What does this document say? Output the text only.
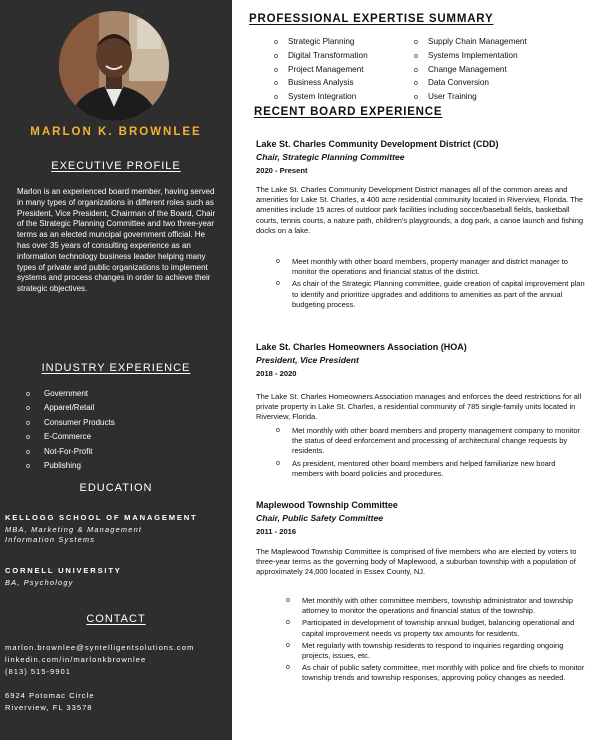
MARLON K. BROWNLEE
EXECUTIVE PROFILE
Marlon is an experienced board member, having served in many types of organizations in different roles such as President, Vice President, Chairman of the Board, Chair of the Strategic Planning Committee and two three-year terms as an elected muncipal government official. He has over 35 years of consulting experience as an information technology business leader helping many types of private and public organizations to implement systems and process changes in order to achieve their strategic objectives.
INDUSTRY EXPERIENCE
o Government
o Apparel/Retail
o Consumer Products
o E-Commerce
o Not-For-Profit
o Publishing
EDUCATION
KELLOGG SCHOOL OF MANAGEMENT
MBA, Marketing & Management
Information Systems
CORNELL UNIVERSITY
BA, Psychology
CONTACT
marlon.brownlee@syntelligentsolutions.com
linkedin.com/in/marlonkbrownlee
(813) 515-9901
6924 Potomac Circle
Riverview, FL 33578
PROFESSIONAL EXPERTISE SUMMARY
o Strategic Planning
o Digital Transformation
o Project Management
o Business Analysis
o System Integration
o Supply Chain Management
o Systems Implementation
o Change Management
o Data Conversion
o User Training
RECENT BOARD EXPERIENCE
Lake St. Charles Community Development District (CDD)
Chair, Strategic Planning Committee
2020 - Present
The Lake St. Charles Community Development District manages all of the common areas and amenities for Lake St. Charles, a 400 acre residential community located in Riverview, Florida. The amenities include 15 acres of outdoor park facilities including soccer/baseball fields, basketball courts, tennis courts, a nature path, children's playgrounds, a dog park, a canoe launch and fishing docks on a lake.
o Meet monthly with other board members, property manager and district manager to monitor the operations and financial status of the district.
o As chair of the Strategic Planning committee, guide creation of capital improvement plan to identify and prioritize upgrades and additions to amenities as part of the annual budgeting process.
Lake St. Charles Homeowners Association (HOA)
President, Vice President
2018 - 2020
The Lake St. Charles Homeowners Association manages and enforces the deed restrictions for all private property in Lake St. Charles, a residential community of 785 single-family units located in Riverview, Florida.
o Met monthly with other board members and property management company to monitor the status of deed enforcement and processing of architectural change requests by residents.
o As president, mentored other board members and helped familiarize new board members with board policies and procedures.
Maplewood Township Committee
Chair, Public Safety Committee
2011 - 2016
The Maplewood Township Committee is comprised of five members who are elected by voters to three-year terms as the governing body of Maplewood, a suburban township with a population of approximately 24,000 located in Essex County, NJ.
o Met monthly with other committee members, township administrator and township attorney to monitor the operations and financial status of the township.
o Participated in development of township annual budget, balancing operational and capital improvement needs vs property tax amounts for residents.
o Met regularly with township residents to respond to inquiries regarding ongoing projects, issues, etc.
o As chair of public safety committee, met monthly with police and fire chiefs to monitor township trends and township responses, approving policy changes as needed.
